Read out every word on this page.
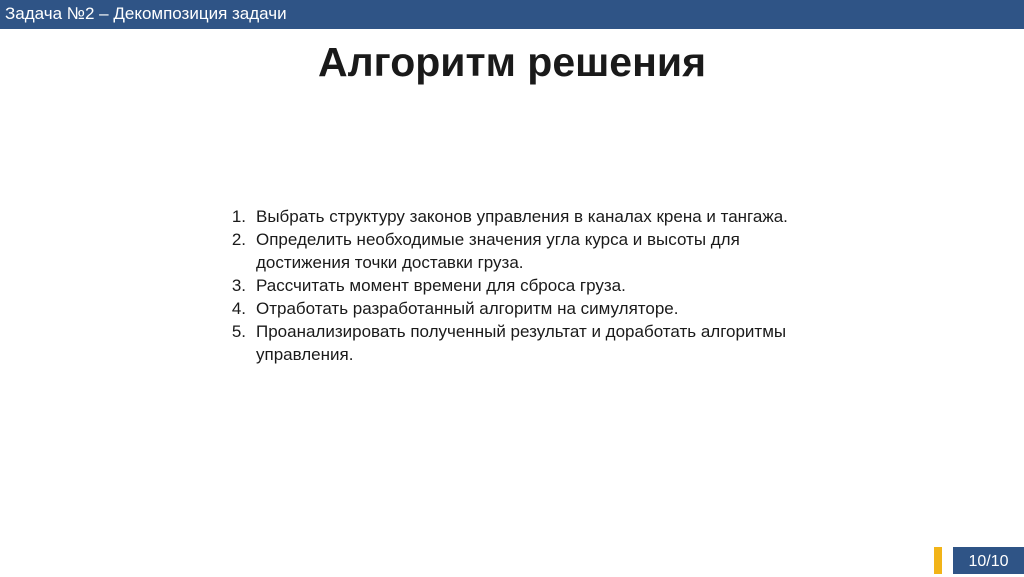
Задача №2 – Декомпозиция задачи
Алгоритм решения
1. Выбрать структуру законов управления в каналах крена и тангажа.
2. Определить необходимые значения угла курса и высоты для достижения точки доставки груза.
3. Рассчитать момент времени для сброса груза.
4. Отработать разработанный алгоритм на симуляторе.
5. Проанализировать полученный результат и доработать алгоритмы управления.
10/10
